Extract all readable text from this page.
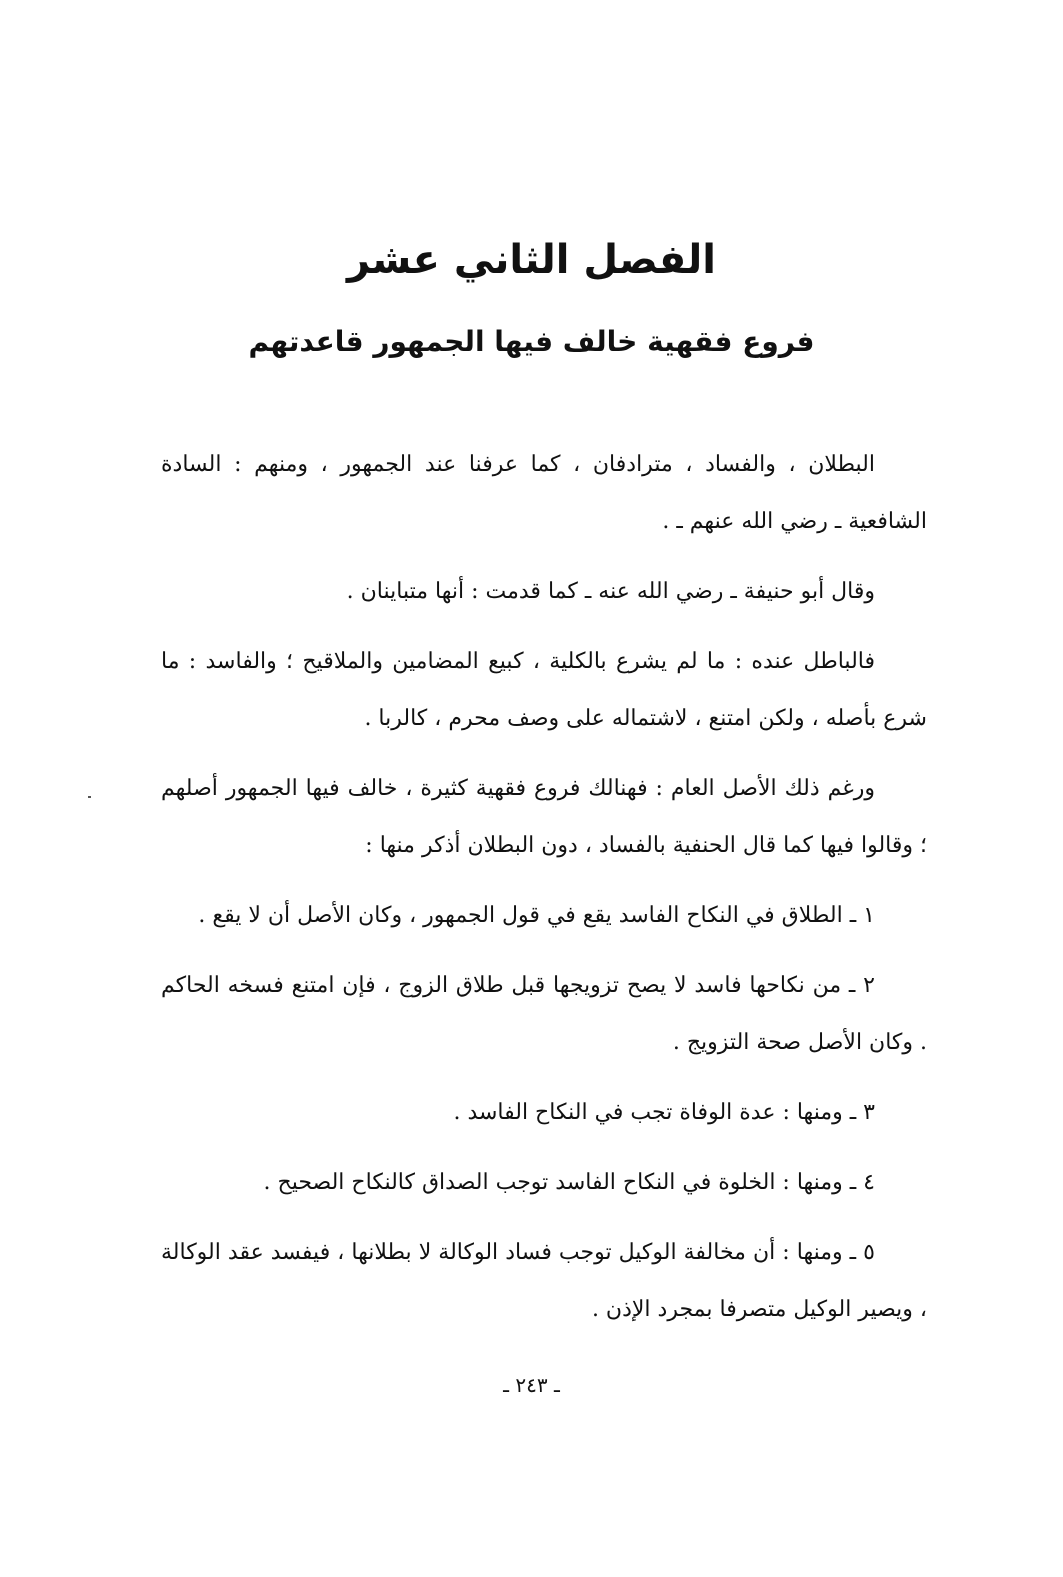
الفصل الثاني عشر
فروع فقهية خالف فيها الجمهور قاعدتهم

البطلان ، والفساد ، مترادفان ، كما عرفنا عند الجمهور ، ومنهم : السادة الشافعية ـ رضي الله عنهم ـ .

وقال أبو حنيفة ـ رضي الله عنه ـ كما قدمت : أنها متباينان .

فالباطل عنده : ما لم يشرع بالكلية ، كبيع المضامين والملاقيح ؛ والفاسد : ما شرع بأصله ، ولكن امتنع ، لاشتماله على وصف محرم ، كالربا .

ورغم ذلك الأصل العام : فهنالك فروع فقهية كثيرة ، خالف فيها الجمهور أصلهم ؛ وقالوا فيها كما قال الحنفية بالفساد ، دون البطلان أذكر منها :

١ ـ الطلاق في النكاح الفاسد يقع في قول الجمهور ، وكان الأصل أن لا يقع .

٢ ـ من نكاحها فاسد لا يصح تزويجها قبل طلاق الزوج ، فإن امتنع فسخه الحاكم . وكان الأصل صحة التزويج .

٣ ـ ومنها : عدة الوفاة تجب في النكاح الفاسد .

٤ ـ ومنها : الخلوة في النكاح الفاسد توجب الصداق كالنكاح الصحيح .

٥ ـ ومنها : أن مخالفة الوكيل توجب فساد الوكالة لا بطلانها ، فيفسد عقد الوكالة ، ويصير الوكيل متصرفا بمجرد الإذن .

ـ ٢٤٣ ـ
